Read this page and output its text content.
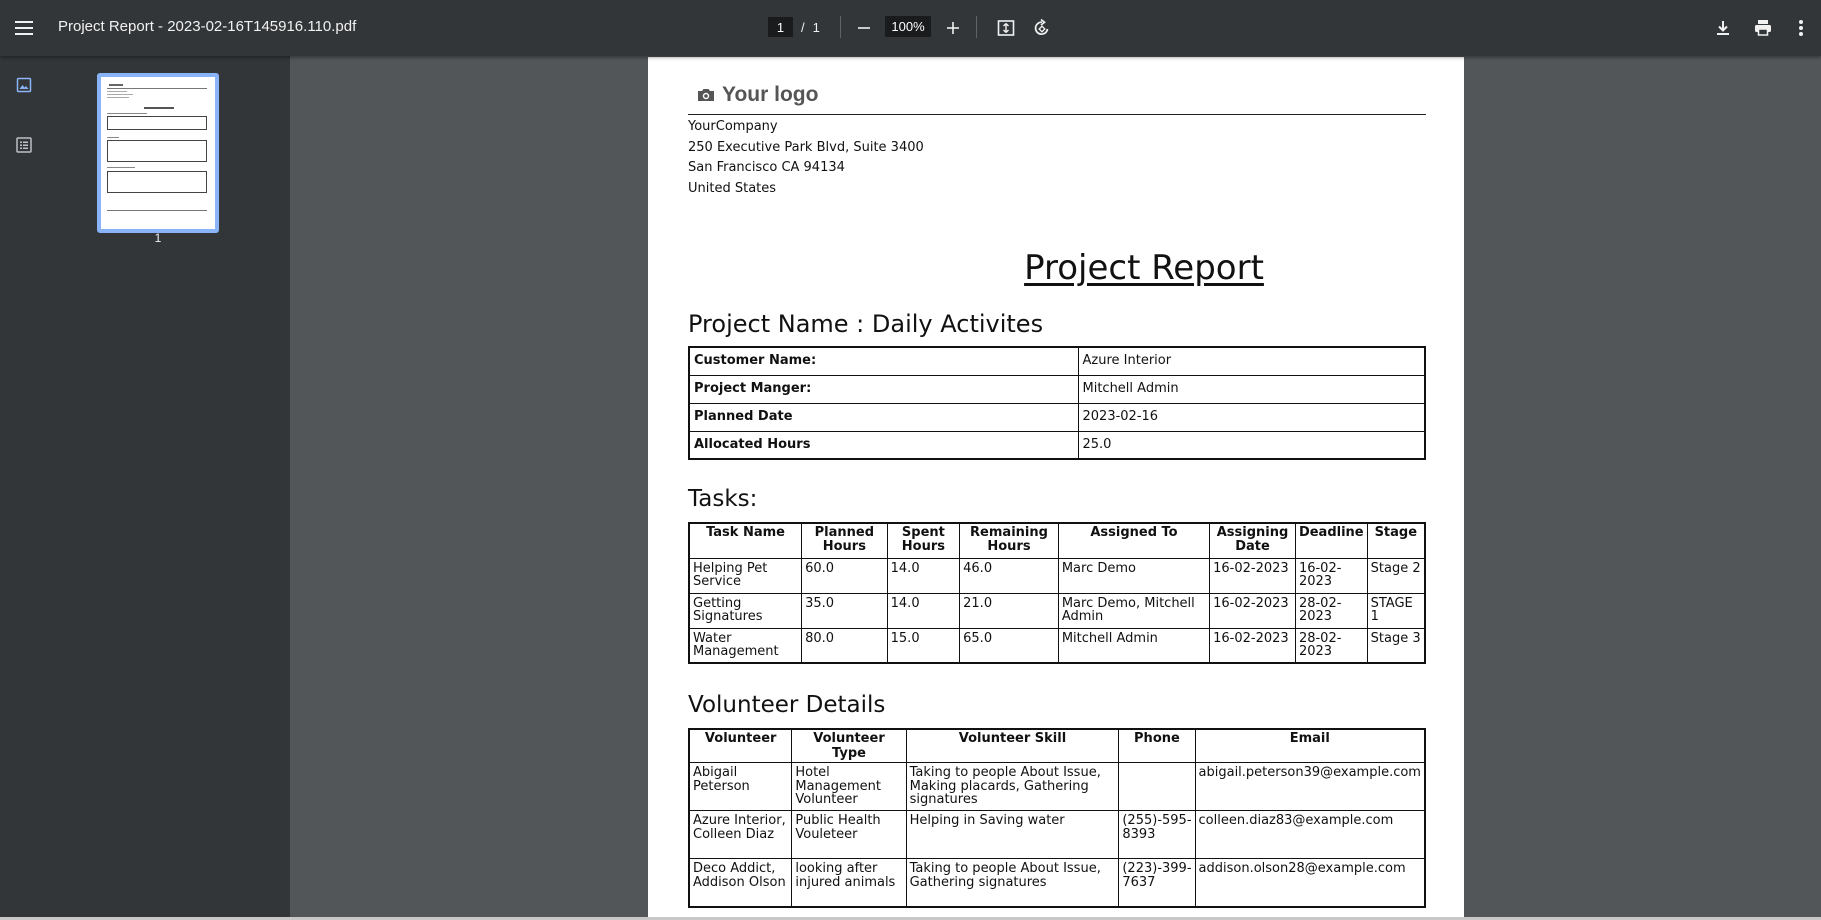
Project Report - 2023-02-16T145916.110.pdf
1	/ 1
100%
1
Your logo
YourCompany
250 Executive Park Blvd, Suite 3400
San Francisco CA 94134
United States
Project Report
Project Name : Daily Activites
Customer Name:	Azure Interior
Project Manger:	Mitchell Admin
Planned Date	2023-02-16
Allocated Hours	25.0
Tasks:
Task Name	Planned Hours	Spent Hours	Remaining Hours	Assigned To	Assigning Date	Deadline	Stage
Helping Pet Service	60.0	14.0	46.0	Marc Demo	16-02-2023	16-02-2023	Stage 2
Getting Signatures	35.0	14.0	21.0	Marc Demo, Mitchell Admin	16-02-2023	28-02-2023	STAGE 1
Water Management	80.0	15.0	65.0	Mitchell Admin	16-02-2023	28-02-2023	Stage 3
Volunteer Details
Volunteer	Volunteer Type	Volunteer Skill	Phone	Email
Abigail Peterson	Hotel Management Volunteer	Taking to people About Issue, Making placards, Gathering signatures		abigail.peterson39@example.com
Azure Interior, Colleen Diaz	Public Health Vouleteer	Helping in Saving water	(255)-595-8393	colleen.diaz83@example.com
Deco Addict, Addison Olson	looking after injured animals	Taking to people About Issue, Gathering signatures	(223)-399-7637	addison.olson28@example.com
